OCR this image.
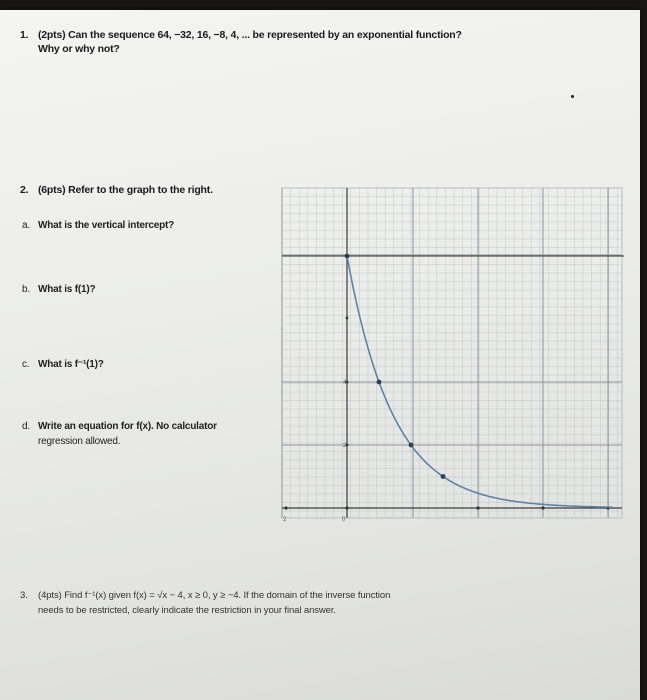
1. (2pts) Can the sequence 64, −32, 16, −8, 4, ... be represented by an exponential function?
Why or why not?
2. (6pts) Refer to the graph to the right.
a. What is the vertical intercept?
b. What is f(1)?
c. What is f⁻¹(1)?
d. Write an equation for f(x). No calculator
regression allowed.
4
2
0
2
3. (4pts) Find f⁻¹(x) given f(x) = √x − 4, x ≥ 0, y ≥ −4. If the domain of the inverse function
needs to be restricted, clearly indicate the restriction in your final answer.
